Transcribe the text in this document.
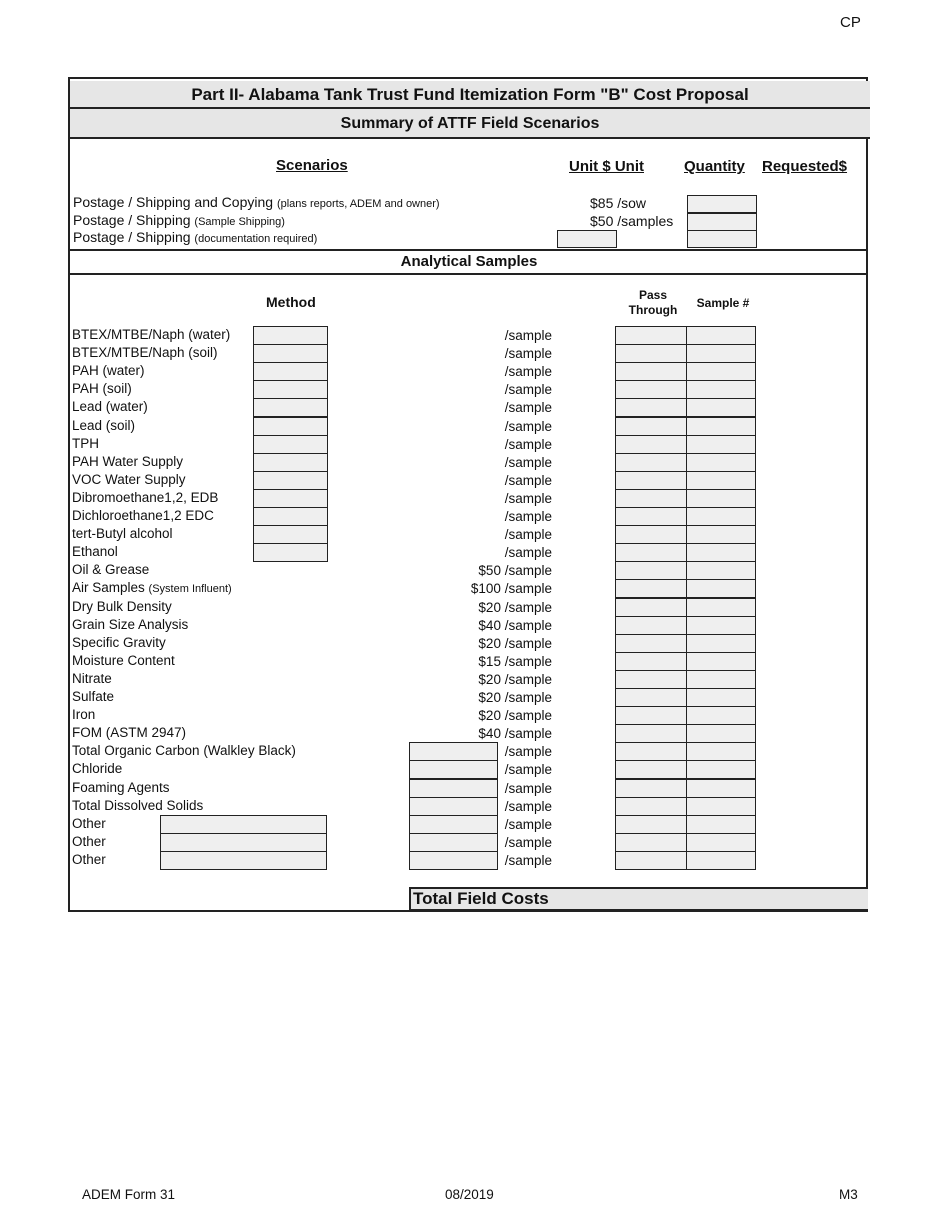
CP
Part II- Alabama Tank Trust Fund Itemization Form "B" Cost Proposal
Summary of ATTF Field Scenarios
Scenarios	Unit $ Unit	Quantity Requested$
Postage / Shipping and Copying (plans reports, ADEM and owner)	$85 /sow
Postage / Shipping (Sample Shipping)	$50 /samples
Postage / Shipping (documentation required)
Analytical Samples
Method	Pass Through	Sample #
BTEX/MTBE/Naph (water)	/sample
BTEX/MTBE/Naph (soil)	/sample
PAH (water)	/sample
PAH (soil)	/sample
Lead (water)	/sample
Lead (soil)	/sample
TPH	/sample
PAH Water Supply	/sample
VOC Water Supply	/sample
Dibromoethane1,2, EDB	/sample
Dichloroethane1,2 EDC	/sample
tert-Butyl alcohol	/sample
Ethanol	/sample
Oil & Grease	$50 /sample
Air Samples (System Influent)	$100 /sample
Dry Bulk Density	$20 /sample
Grain Size Analysis	$40 /sample
Specific Gravity	$20 /sample
Moisture Content	$15 /sample
Nitrate	$20 /sample
Sulfate	$20 /sample
Iron	$20 /sample
FOM (ASTM 2947)	$40 /sample
Total Organic Carbon (Walkley Black)	/sample
Chloride	/sample
Foaming Agents	/sample
Total Dissolved Solids	/sample
Other	/sample
Other	/sample
Other	/sample
Total Field Costs
ADEM Form 31	08/2019	M3
